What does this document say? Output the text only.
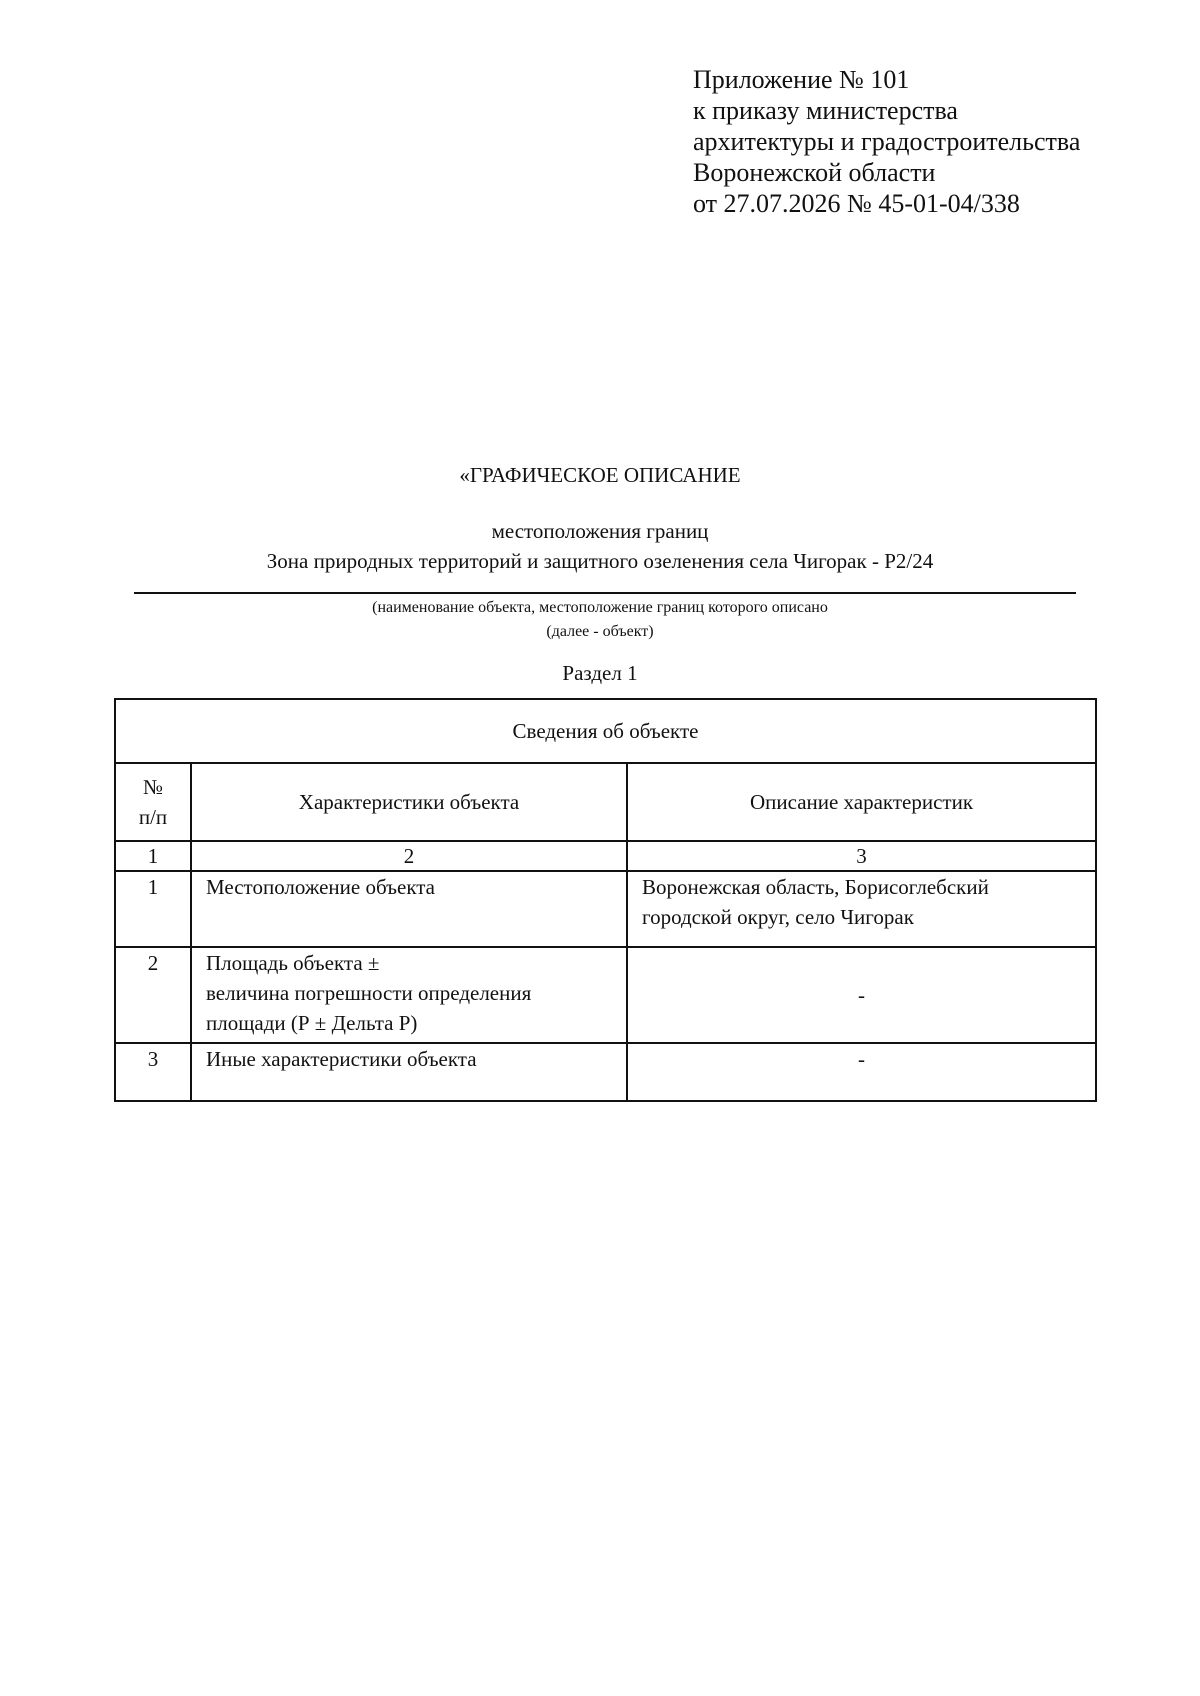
Приложение № 101
к приказу министерства
архитектуры и градостроительства
Воронежской области
от 27.07.2026 № 45-01-04/338
«ГРАФИЧЕСКОЕ ОПИСАНИЕ
местоположения границ
Зона природных территорий и защитного озеленения села Чигорак - Р2/24
(наименование объекта, местоположение границ которого описано
(далее - объект)
Раздел 1
Сведения об объекте		

№
п/п	Характеристики объекта	Описание характеристик
1	2	3
1	Местоположение объекта	Воронежская область, Борисоглебский
городской округ, село Чигорак

2	Площадь объекта ±
величина погрешности определения
площади (Р ± Дельта Р)	-
3	Иные характеристики объекта	-
